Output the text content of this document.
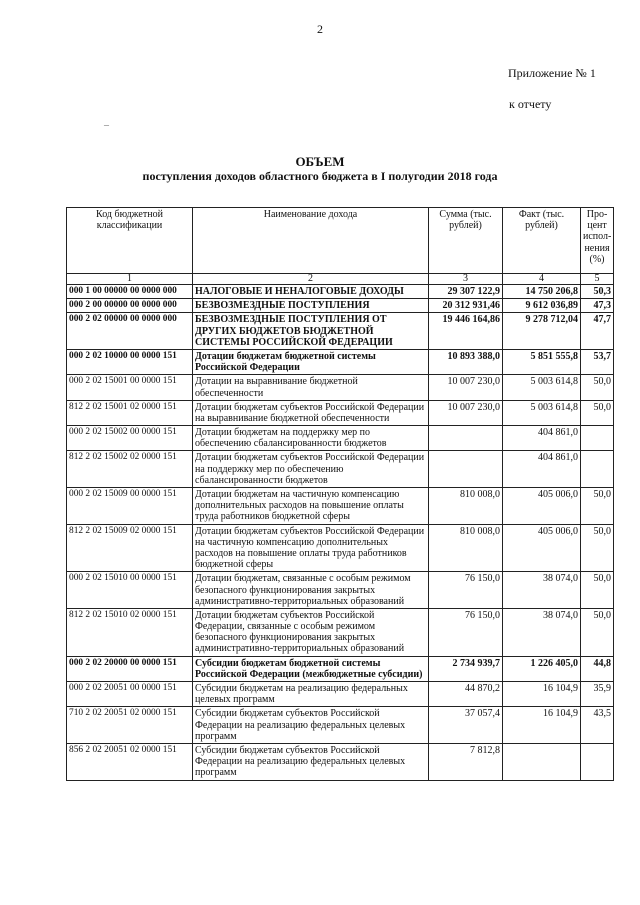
2
Приложение № 1
к отчету
–
ОБЪЕМ
поступления доходов областного бюджета в I полугодии 2018 года
Код бюджетной классификации	Наименование дохода	Сумма (тыс. рублей)	Факт (тыс. рублей)	Про-цент испол-нения (%)
1	2	3	4	5
000 1 00 00000 00 0000 000	НАЛОГОВЫЕ И НЕНАЛОГОВЫЕ ДОХОДЫ	29 307 122,9	14 750 206,8	50,3
000 2 00 00000 00 0000 000	БЕЗВОЗМЕЗДНЫЕ ПОСТУПЛЕНИЯ	20 312 931,46	9 612 036,89	47,3
000 2 02 00000 00 0000 000	БЕЗВОЗМЕЗДНЫЕ ПОСТУПЛЕНИЯ ОТ ДРУГИХ БЮДЖЕТОВ БЮДЖЕТНОЙ СИСТЕМЫ РОССИЙСКОЙ ФЕДЕРАЦИИ	19 446 164,86	9 278 712,04	47,7
000 2 02 10000 00 0000 151	Дотации бюджетам бюджетной системы Российской Федерации	10 893 388,0	5 851 555,8	53,7
000 2 02 15001 00 0000 151	Дотации на выравнивание бюджетной обеспеченности	10 007 230,0	5 003 614,8	50,0
812 2 02 15001 02 0000 151	Дотации бюджетам субъектов Российской Федерации на выравнивание бюджетной обеспеченности	10 007 230,0	5 003 614,8	50,0
000 2 02 15002 00 0000 151	Дотации бюджетам на поддержку мер по обеспечению сбалансированности бюджетов		404 861,0	
812 2 02 15002 02 0000 151	Дотации бюджетам субъектов Российской Федерации на поддержку мер по обеспечению сбалансированности бюджетов		404 861,0	
000 2 02 15009 00 0000 151	Дотации бюджетам на частичную компенсацию дополнительных расходов на повышение оплаты труда работников бюджетной сферы	810 008,0	405 006,0	50,0
812 2 02 15009 02 0000 151	Дотации бюджетам субъектов Российской Федерации на частичную компенсацию дополнительных расходов на повышение оплаты труда работников бюджетной сферы	810 008,0	405 006,0	50,0
000 2 02 15010 00 0000 151	Дотации бюджетам, связанные с особым режимом безопасного функционирования закрытых административно-территориальных образований	76 150,0	38 074,0	50,0
812 2 02 15010 02 0000 151	Дотации бюджетам субъектов Российской Федерации, связанные с особым режимом безопасного функционирования закрытых административно-территориальных образований	76 150,0	38 074,0	50,0
000 2 02 20000 00 0000 151	Субсидии бюджетам бюджетной системы Российской Федерации (межбюджетные субсидии)	2 734 939,7	1 226 405,0	44,8
000 2 02 20051 00 0000 151	Субсидии бюджетам на реализацию федеральных целевых программ	44 870,2	16 104,9	35,9
710 2 02 20051 02 0000 151	Субсидии бюджетам субъектов Российской Федерации на реализацию федеральных целевых программ	37 057,4	16 104,9	43,5
856 2 02 20051 02 0000 151	Субсидии бюджетам субъектов Российской Федерации на реализацию федеральных целевых программ	7 812,8		
